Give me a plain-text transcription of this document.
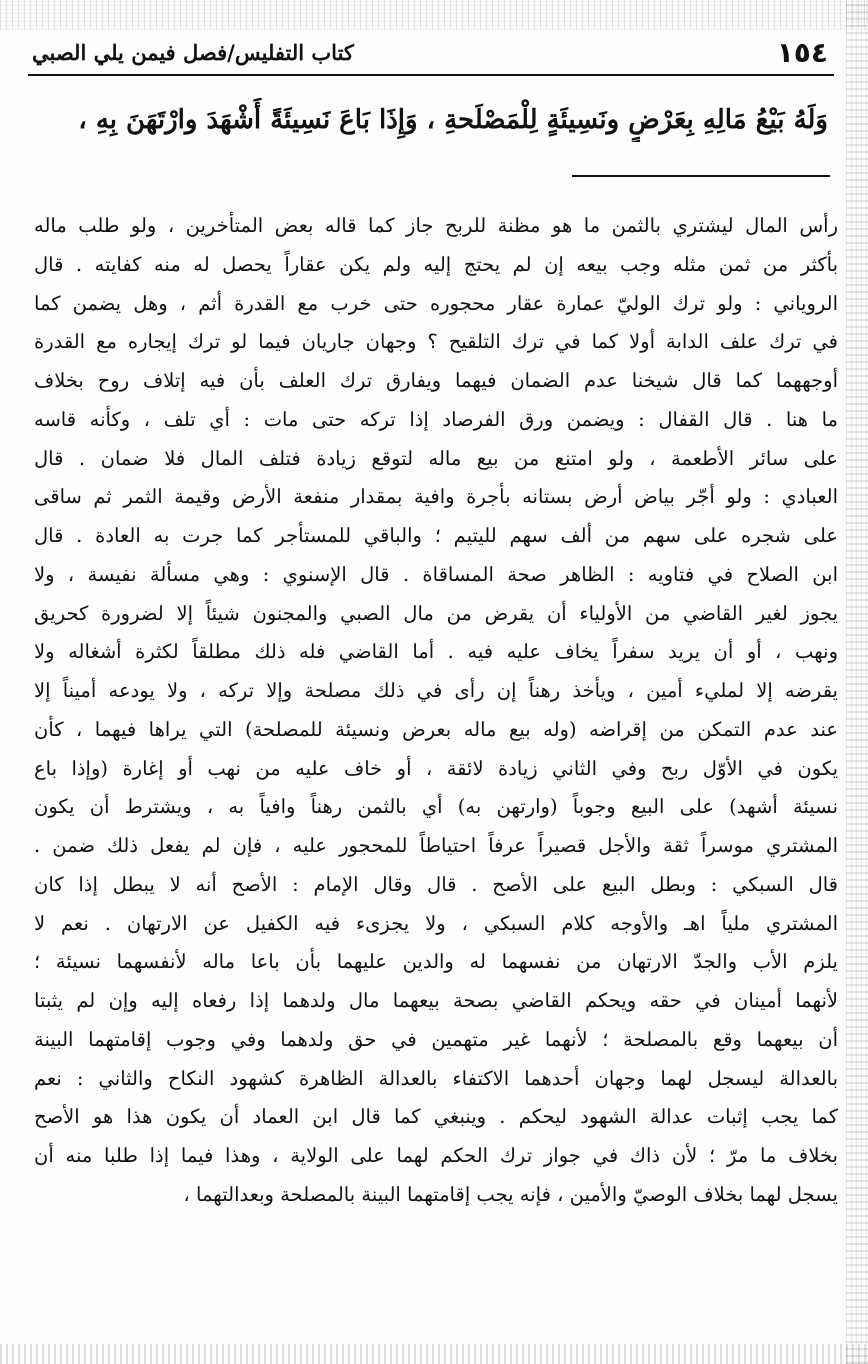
١٥٤
كتاب التفليس/فصل فيمن يلي الصبي
وَلَهُ بَيْعُ مَالِهِ بِعَرْضٍ ونَسِيئَةٍ لِلْمَصْلَحةِ ، وَإِذَا بَاعَ نَسِيئَةً أَشْهَدَ وارْتَهَنَ بِهِ ،
رأس المال ليشتري بالثمن ما هو مظنة للربح جاز كما قاله بعض المتأخرين ، ولو طلب ماله
بأكثر من ثمن مثله وجب بيعه إن لم يحتج إليه ولم يكن عقاراً يحصل له منه كفايته . قال
الروياني : ولو ترك الوليّ عمارة عقار محجوره حتى خرب مع القدرة أثم ، وهل يضمن كما
في ترك علف الدابة أولا كما في ترك التلقيح ؟ وجهان جاريان فيما لو ترك إيجاره مع القدرة
أوجههما كما قال شيخنا عدم الضمان فيهما ويفارق ترك العلف بأن فيه إتلاف روح بخلاف
ما هنا . قال القفال : ويضمن ورق الفرصاد إذا تركه حتى مات : أي تلف ، وكأنه قاسه
على سائر الأطعمة ، ولو امتنع من بيع ماله لتوقع زيادة فتلف المال فلا ضمان . قال
العبادي : ولو أجّر بياض أرض بستانه بأجرة وافية بمقدار منفعة الأرض وقيمة الثمر ثم ساقى
على شجره على سهم من ألف سهم لليتيم ؛ والباقي للمستأجر كما جرت به العادة . قال
ابن الصلاح في فتاويه : الظاهر صحة المساقاة . قال الإسنوي : وهي مسألة نفيسة ، ولا
يجوز لغير القاضي من الأولياء أن يقرض من مال الصبي والمجنون شيئاً إلا لضرورة كحريق
ونهب ، أو أن يريد سفراً يخاف عليه فيه . أما القاضي فله ذلك مطلقاً لكثرة أشغاله ولا
يقرضه إلا لمليء أمين ، ويأخذ رهناً إن رأى في ذلك مصلحة وإلا تركه ، ولا يودعه أميناً إلا
عند عدم التمكن من إقراضه (وله بيع ماله بعرض ونسيئة للمصلحة) التي يراها فيهما ، كأن
يكون في الأوّل ربح وفي الثاني زيادة لائقة ، أو خاف عليه من نهب أو إغارة (وإذا باع
نسيئة أشهد) على البيع وجوباً (وارتهن به) أي بالثمن رهناً وافياً به ، ويشترط أن يكون
المشتري موسراً ثقة والأجل قصيراً عرفاً احتياطاً للمحجور عليه ، فإن لم يفعل ذلك ضمن .
قال السبكي : وبطل البيع على الأصح . قال وقال الإمام : الأصح أنه لا يبطل إذا كان
المشتري ملياً اهـ والأوجه كلام السبكي ، ولا يجزىء فيه الكفيل عن الارتهان . نعم لا
يلزم الأب والجدّ الارتهان من نفسهما له والدين عليهما بأن باعا ماله لأنفسهما نسيئة ؛
لأنهما أمينان في حقه ويحكم القاضي بصحة بيعهما مال ولدهما إذا رفعاه إليه وإن لم يثبتا
أن بيعهما وقع بالمصلحة ؛ لأنهما غير متهمين في حق ولدهما وفي وجوب إقامتهما البينة
بالعدالة ليسجل لهما وجهان أحدهما الاكتفاء بالعدالة الظاهرة كشهود النكاح والثاني : نعم
كما يجب إثبات عدالة الشهود ليحكم . وينبغي كما قال ابن العماد أن يكون هذا هو الأصح
بخلاف ما مرّ ؛ لأن ذاك في جواز ترك الحكم لهما على الولاية ، وهذا فيما إذا طلبا منه أن
يسجل لهما بخلاف الوصيّ والأمين ، فإنه يجب إقامتهما البينة بالمصلحة وبعدالتهما ،
